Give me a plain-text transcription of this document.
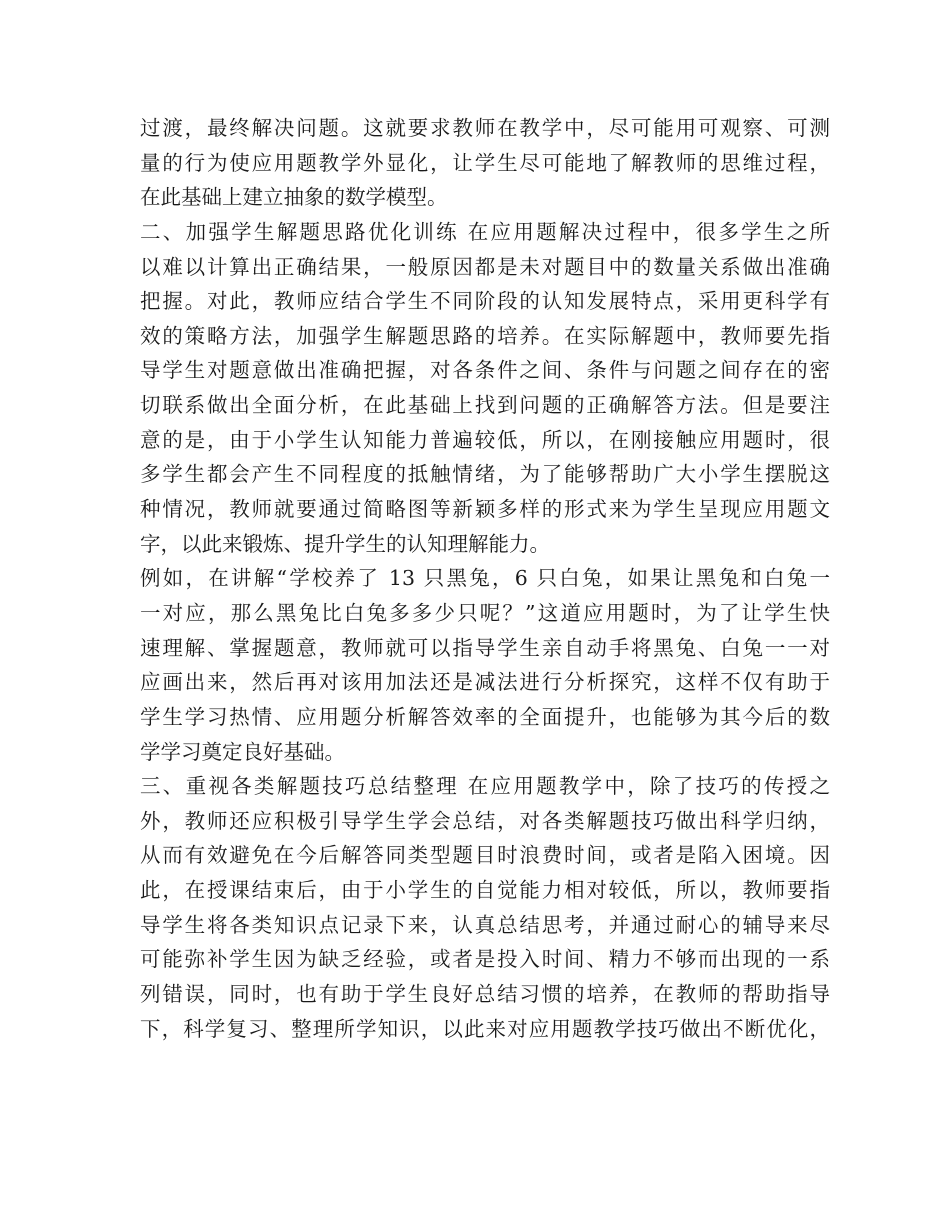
过渡，最终解决问题。这就要求教师在教学中，尽可能用可观察、可测
量的行为使应用题教学外显化，让学生尽可能地了解教师的思维过程，
在此基础上建立抽象的数学模型。
二、加强学生解题思路优化训练 在应用题解决过程中，很多学生之所
以难以计算出正确结果，一般原因都是未对题目中的数量关系做出准确
把握。对此，教师应结合学生不同阶段的认知发展特点，采用更科学有
效的策略方法，加强学生解题思路的培养。在实际解题中，教师要先指
导学生对题意做出准确把握，对各条件之间、条件与问题之间存在的密
切联系做出全面分析，在此基础上找到问题的正确解答方法。但是要注
意的是，由于小学生认知能力普遍较低，所以，在刚接触应用题时，很
多学生都会产生不同程度的抵触情绪，为了能够帮助广大小学生摆脱这
种情况，教师就要通过简略图等新颖多样的形式来为学生呈现应用题文
字，以此来锻炼、提升学生的认知理解能力。
例如，在讲解“学校养了 13 只黑兔，6 只白兔，如果让黑兔和白兔一
一对应，那么黑兔比白兔多多少只呢？”这道应用题时，为了让学生快
速理解、掌握题意，教师就可以指导学生亲自动手将黑兔、白兔一一对
应画出来，然后再对该用加法还是减法进行分析探究，这样不仅有助于
学生学习热情、应用题分析解答效率的全面提升，也能够为其今后的数
学学习奠定良好基础。
三、重视各类解题技巧总结整理 在应用题教学中，除了技巧的传授之
外，教师还应积极引导学生学会总结，对各类解题技巧做出科学归纳，
从而有效避免在今后解答同类型题目时浪费时间，或者是陷入困境。因
此，在授课结束后，由于小学生的自觉能力相对较低，所以，教师要指
导学生将各类知识点记录下来，认真总结思考，并通过耐心的辅导来尽
可能弥补学生因为缺乏经验，或者是投入时间、精力不够而出现的一系
列错误，同时，也有助于学生良好总结习惯的培养，在教师的帮助指导
下，科学复习、整理所学知识，以此来对应用题教学技巧做出不断优化，
